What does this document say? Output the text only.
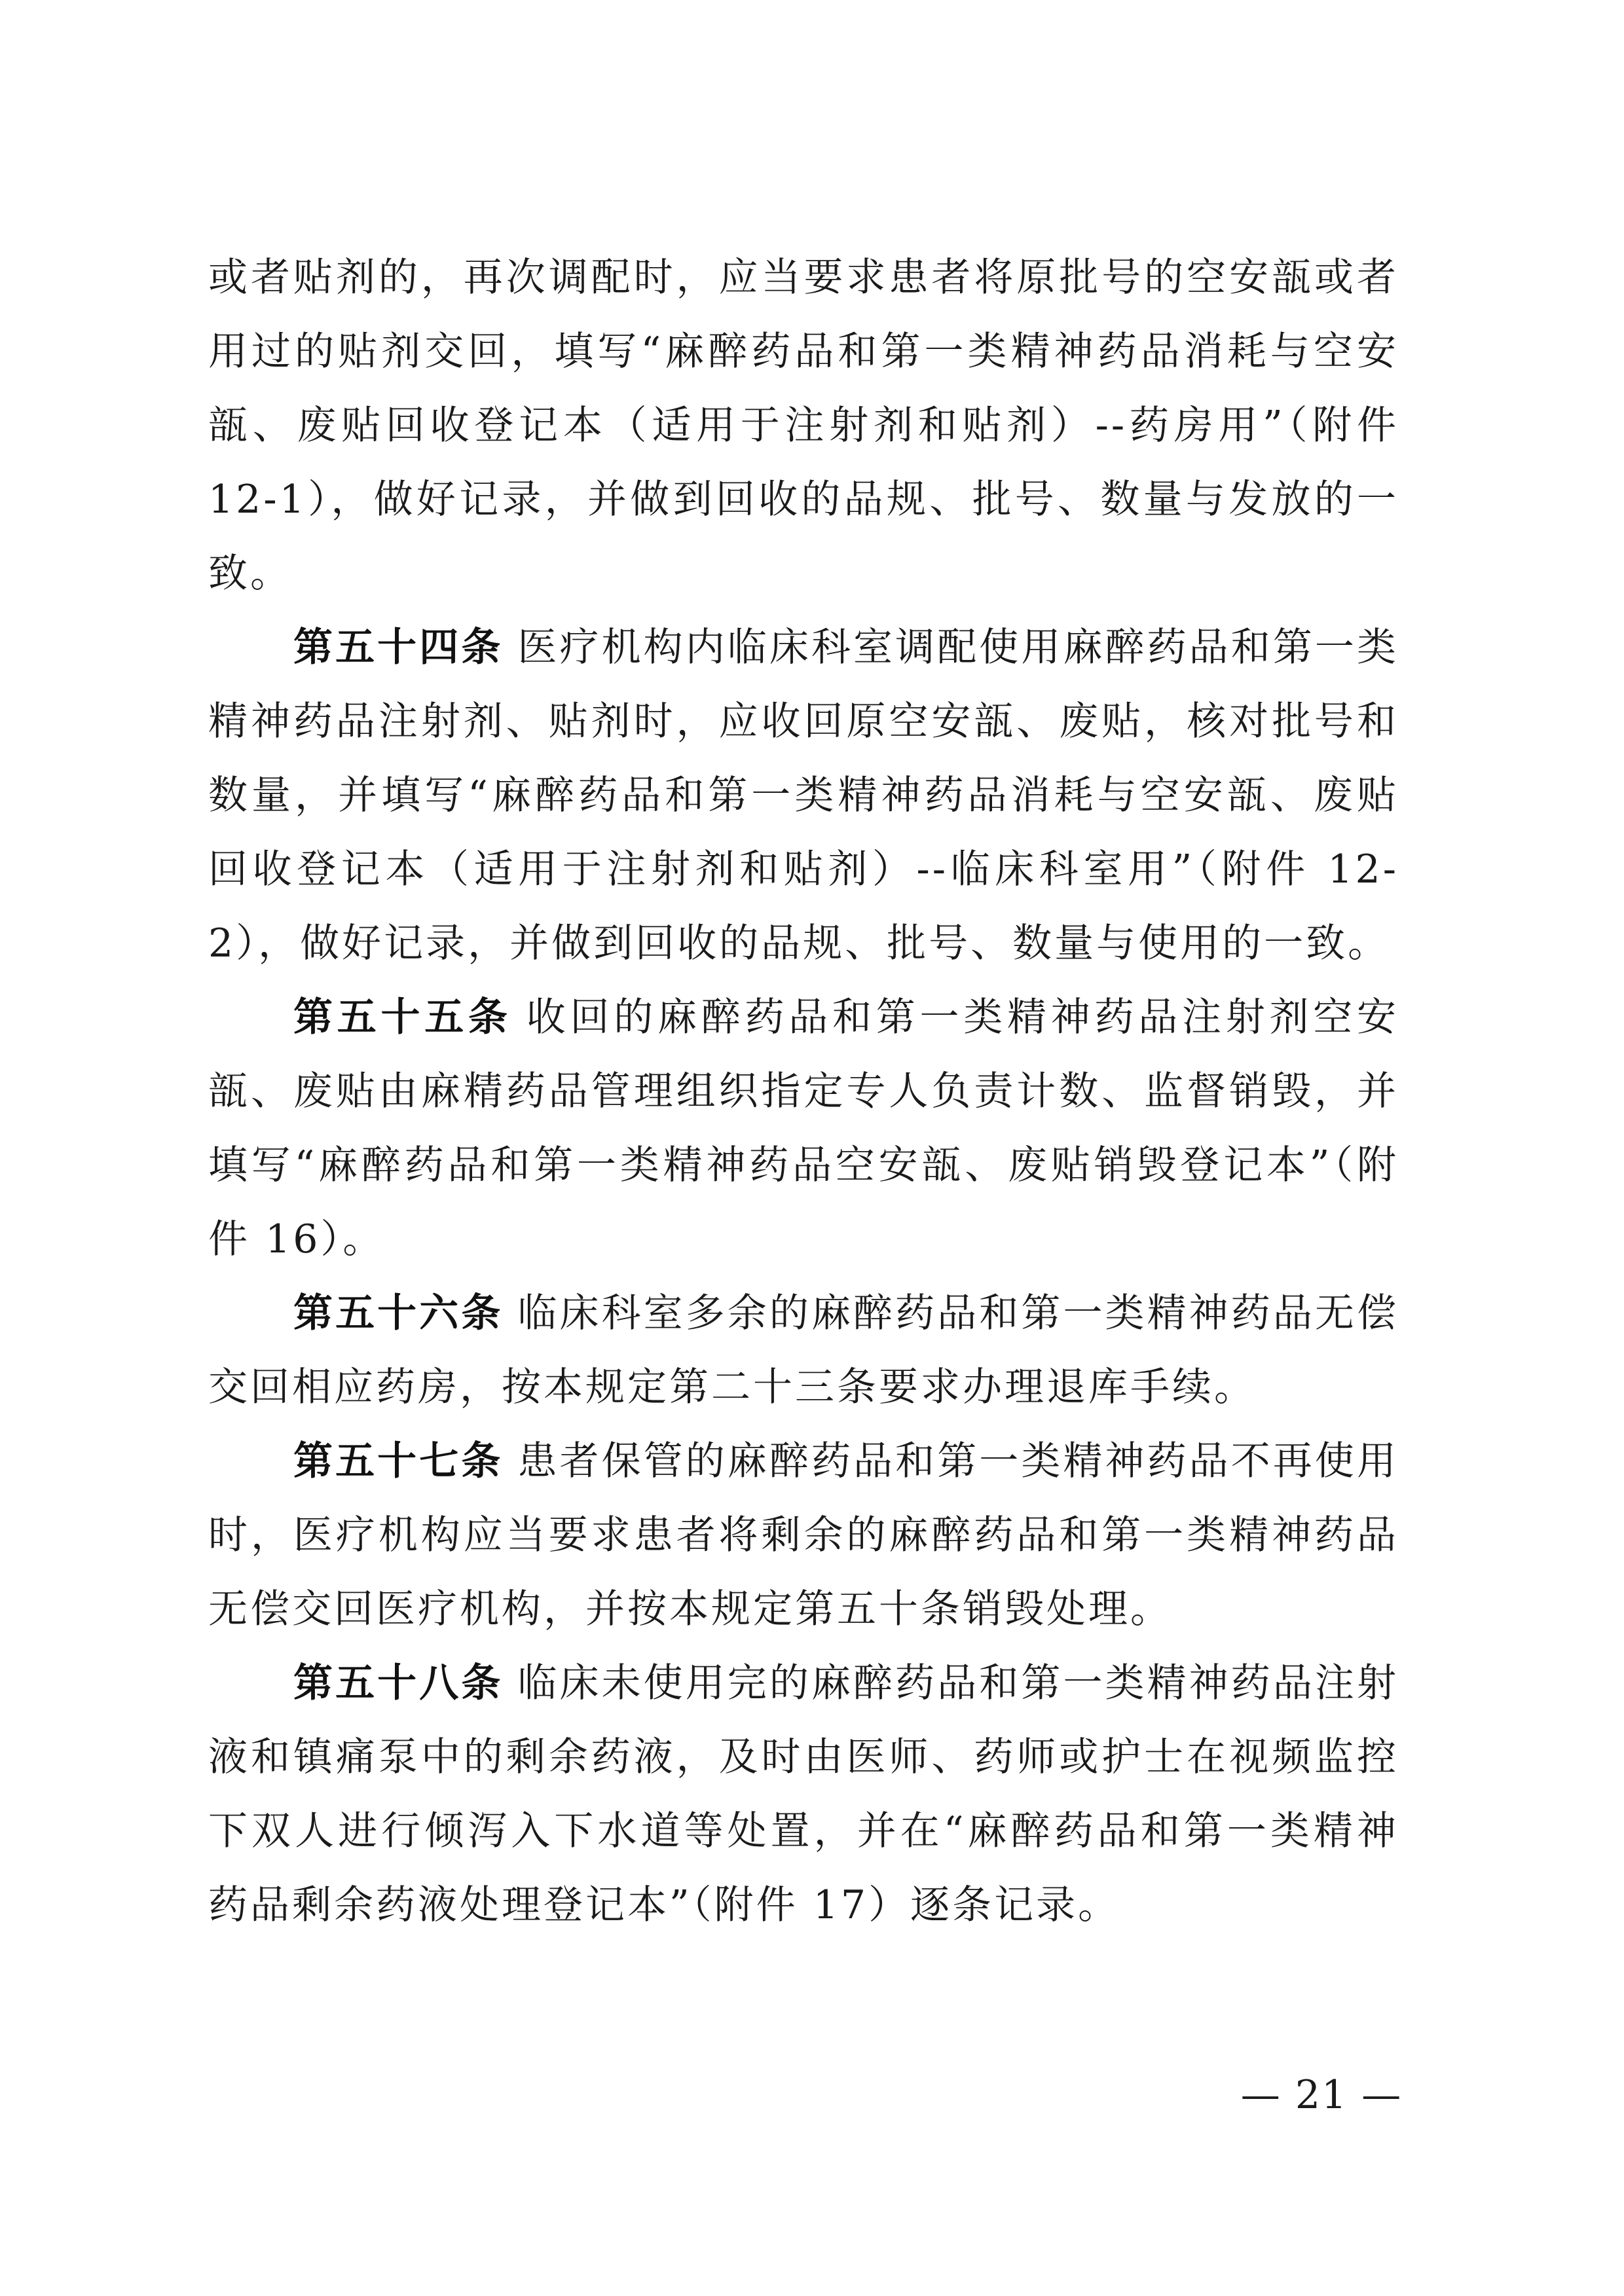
或者贴剂的，再次调配时，应当要求患者将原批号的空安瓿或者用过的贴剂交回，填写“麻醉药品和第一类精神药品消耗与空安瓿、废贴回收登记本（适用于注射剂和贴剂）--药房用”（附件 12-1），做好记录，并做到回收的品规、批号、数量与发放的一致。

第五十四条 医疗机构内临床科室调配使用麻醉药品和第一类精神药品注射剂、贴剂时，应收回原空安瓿、废贴，核对批号和数量，并填写“麻醉药品和第一类精神药品消耗与空安瓿、废贴回收登记本（适用于注射剂和贴剂）--临床科室用”（附件 12-2），做好记录，并做到回收的品规、批号、数量与使用的一致。

第五十五条 收回的麻醉药品和第一类精神药品注射剂空安瓿、废贴由麻精药品管理组织指定专人负责计数、监督销毁，并填写“麻醉药品和第一类精神药品空安瓿、废贴销毁登记本”（附件 16）。

第五十六条 临床科室多余的麻醉药品和第一类精神药品无偿交回相应药房，按本规定第二十三条要求办理退库手续。

第五十七条 患者保管的麻醉药品和第一类精神药品不再使用时，医疗机构应当要求患者将剩余的麻醉药品和第一类精神药品无偿交回医疗机构，并按本规定第五十条销毁处理。

第五十八条 临床未使用完的麻醉药品和第一类精神药品注射液和镇痛泵中的剩余药液，及时由医师、药师或护士在视频监控下双人进行倾泻入下水道等处置，并在“麻醉药品和第一类精神药品剩余药液处理登记本”（附件 17）逐条记录。

— 21 —
